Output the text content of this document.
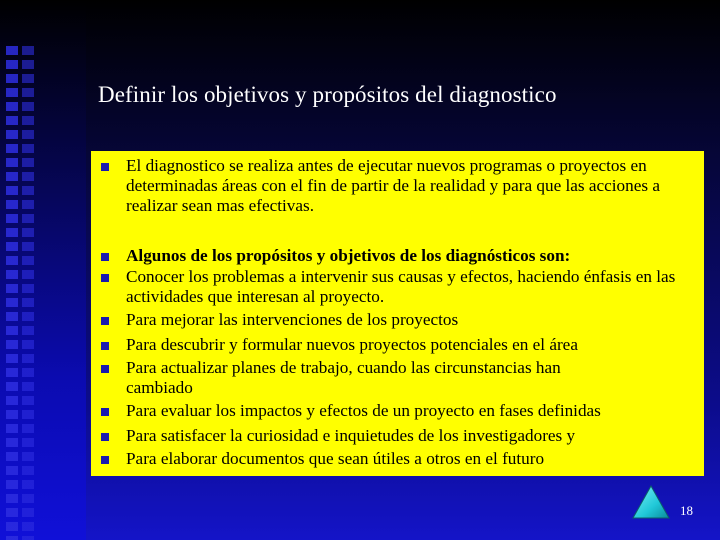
Definir los objetivos y propósitos del diagnostico
El diagnostico se realiza antes de ejecutar nuevos programas o proyectos en determinadas áreas con el fin de partir de la realidad y para que las acciones a realizar sean mas efectivas.
Algunos de los propósitos y objetivos de los diagnósticos son:
Conocer los problemas a intervenir sus causas y efectos, haciendo énfasis en las actividades que interesan al proyecto.
Para mejorar las intervenciones de los proyectos
Para descubrir y formular nuevos proyectos potenciales en el área
Para actualizar planes de trabajo, cuando las circunstancias han cambiado
Para evaluar los impactos y efectos de un proyecto en fases definidas
Para satisfacer la curiosidad e inquietudes de los investigadores y
Para elaborar documentos que sean útiles a otros en el futuro
18
